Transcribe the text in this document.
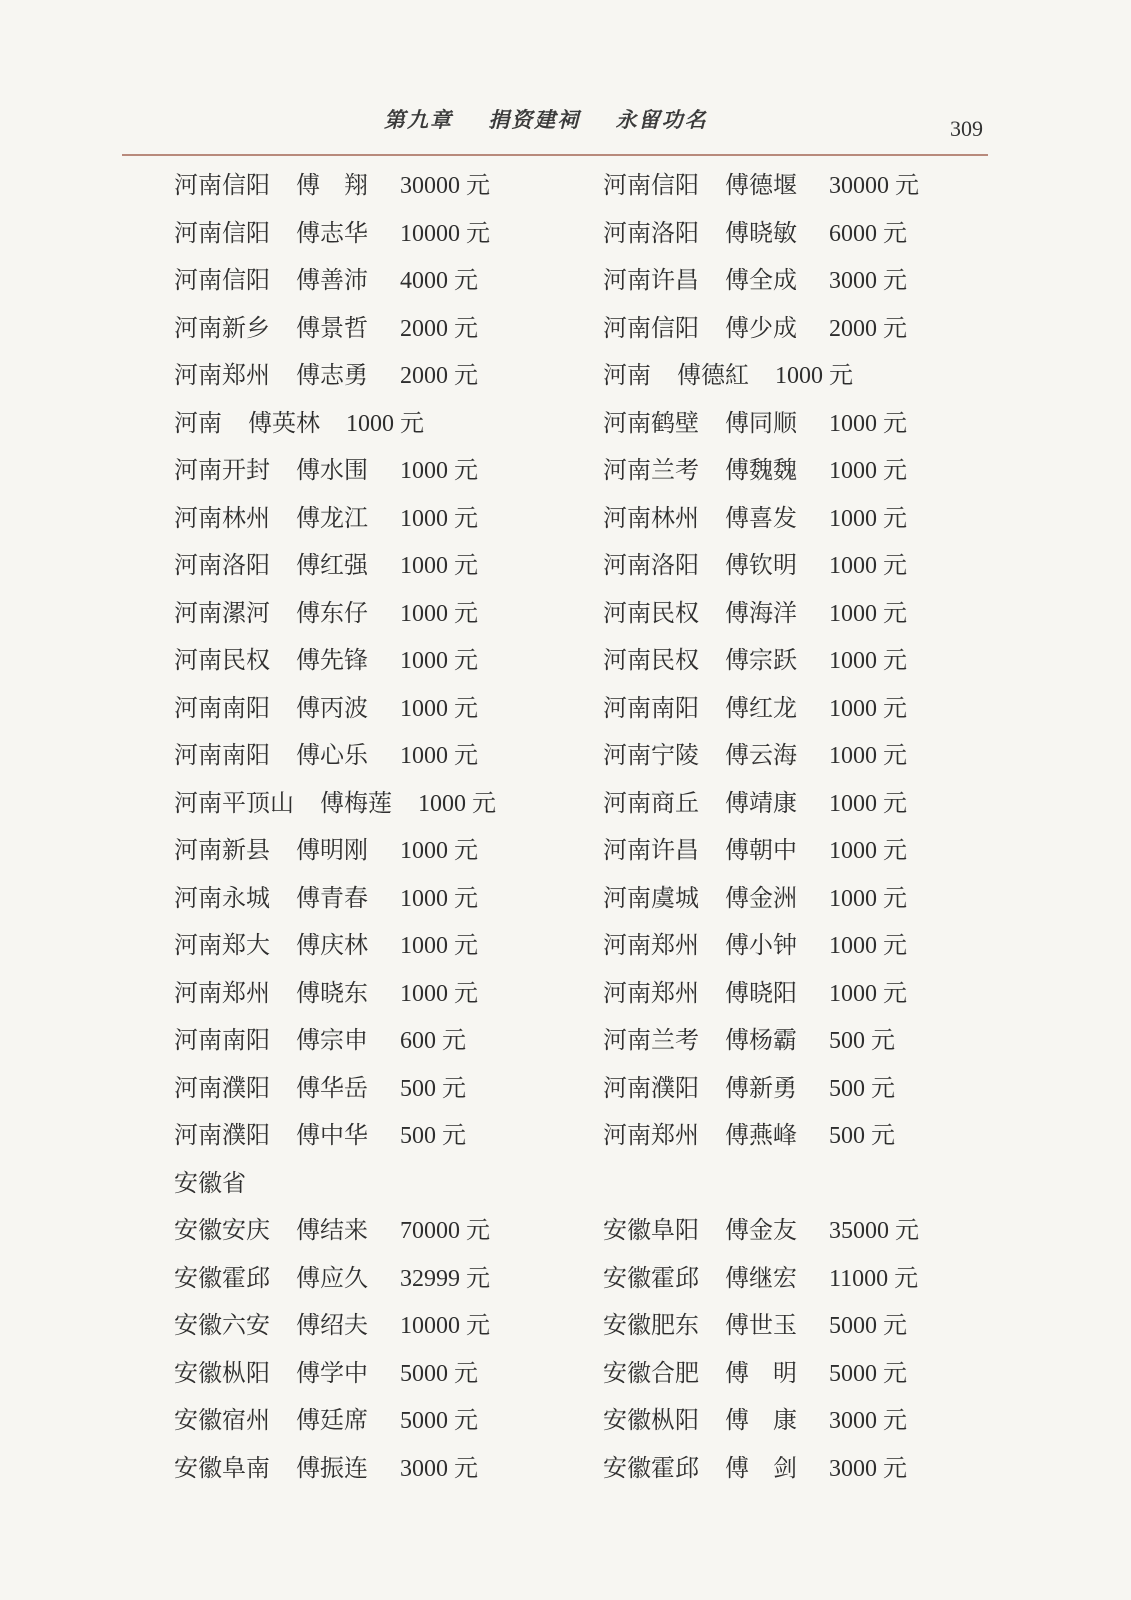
第九章 捐资建祠 永留功名	309
河南信阳 傅　翔 30000 元
河南信阳 傅志华 10000 元
河南信阳 傅善沛 4000 元
河南新乡 傅景哲 2000 元
河南郑州 傅志勇 2000 元
河南 傅英林 1000 元
河南开封 傅水围 1000 元
河南林州 傅龙江 1000 元
河南洛阳 傅红强 1000 元
河南漯河 傅东仔 1000 元
河南民权 傅先锋 1000 元
河南南阳 傅丙波 1000 元
河南南阳 傅心乐 1000 元
河南平顶山 傅梅莲 1000 元
河南新县 傅明刚 1000 元
河南永城 傅青春 1000 元
河南郑大 傅庆林 1000 元
河南郑州 傅晓东 1000 元
河南南阳 傅宗申 600 元
河南濮阳 傅华岳 500 元
河南濮阳 傅中华 500 元
安徽省
安徽安庆 傅结来 70000 元
安徽霍邱 傅应久 32999 元
安徽六安 傅绍夫 10000 元
安徽枞阳 傅学中 5000 元
安徽宿州 傅廷席 5000 元
安徽阜南 傅振连 3000 元
河南信阳 傅德堰 30000 元
河南洛阳 傅晓敏 6000 元
河南许昌 傅全成 3000 元
河南信阳 傅少成 2000 元
河南 傅德紅 1000 元
河南鹤壁 傅同顺 1000 元
河南兰考 傅魏魏 1000 元
河南林州 傅喜发 1000 元
河南洛阳 傅钦明 1000 元
河南民权 傅海洋 1000 元
河南民权 傅宗跃 1000 元
河南南阳 傅红龙 1000 元
河南宁陵 傅云海 1000 元
河南商丘 傅靖康 1000 元
河南许昌 傅朝中 1000 元
河南虞城 傅金洲 1000 元
河南郑州 傅小钟 1000 元
河南郑州 傅晓阳 1000 元
河南兰考 傅杨霸 500 元
河南濮阳 傅新勇 500 元
河南郑州 傅燕峰 500 元
安徽阜阳 傅金友 35000 元
安徽霍邱 傅继宏 11000 元
安徽肥东 傅世玉 5000 元
安徽合肥 傅　明 5000 元
安徽枞阳 傅　康 3000 元
安徽霍邱 傅　剑 3000 元
